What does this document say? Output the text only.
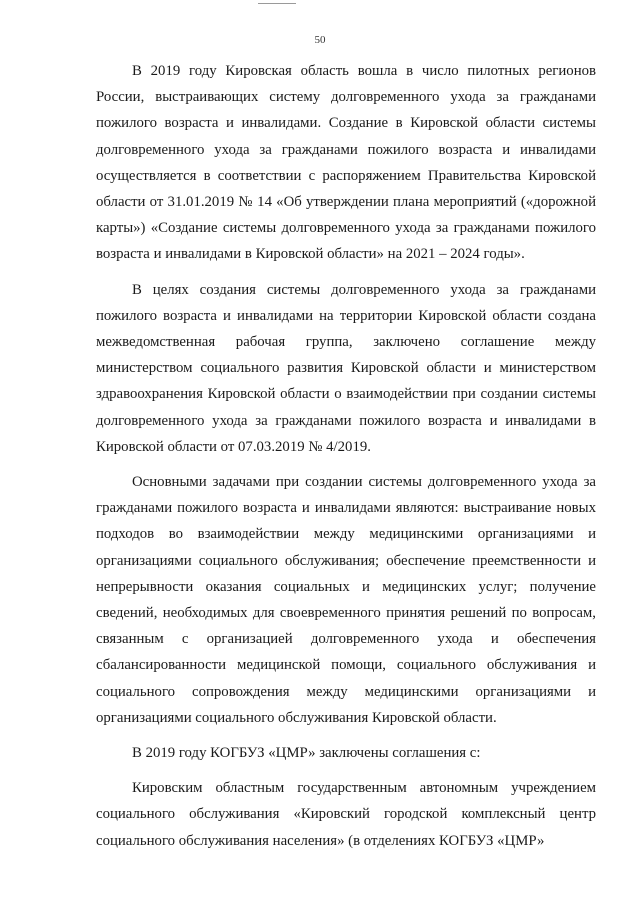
50

В 2019 году Кировская область вошла в число пилотных регионов России, выстраивающих систему долговременного ухода за гражданами пожилого возраста и инвалидами. Создание в Кировской области системы долговременного ухода за гражданами пожилого возраста и инвалидами осуществляется в соответствии с распоряжением Правительства Кировской области от 31.01.2019 № 14 «Об утверждении плана мероприятий («дорожной карты») «Создание системы долговременного ухода за гражданами пожилого возраста и инвалидами в Кировской области» на 2021 – 2024 годы».

В целях создания системы долговременного ухода за гражданами пожилого возраста и инвалидами на территории Кировской области создана межведомственная рабочая группа, заключено соглашение между министерством социального развития Кировской области и министерством здравоохранения Кировской области о взаимодействии при создании системы долговременного ухода за гражданами пожилого возраста и инвалидами в Кировской области от 07.03.2019 № 4/2019.

Основными задачами при создании системы долговременного ухода за гражданами пожилого возраста и инвалидами являются: выстраивание новых подходов во взаимодействии между медицинскими организациями и организациями социального обслуживания; обеспечение преемственности и непрерывности оказания социальных и медицинских услуг; получение сведений, необходимых для своевременного принятия решений по вопросам, связанным с организацией долговременного ухода и обеспечения сбалансированности медицинской помощи, социального обслуживания и социального сопровождения между медицинскими организациями и организациями социального обслуживания Кировской области.

В 2019 году КОГБУЗ «ЦМР» заключены соглашения с:

Кировским областным государственным автономным учреждением социального обслуживания «Кировский городской комплексный центр социального обслуживания населения» (в отделениях КОГБУЗ «ЦМР»
